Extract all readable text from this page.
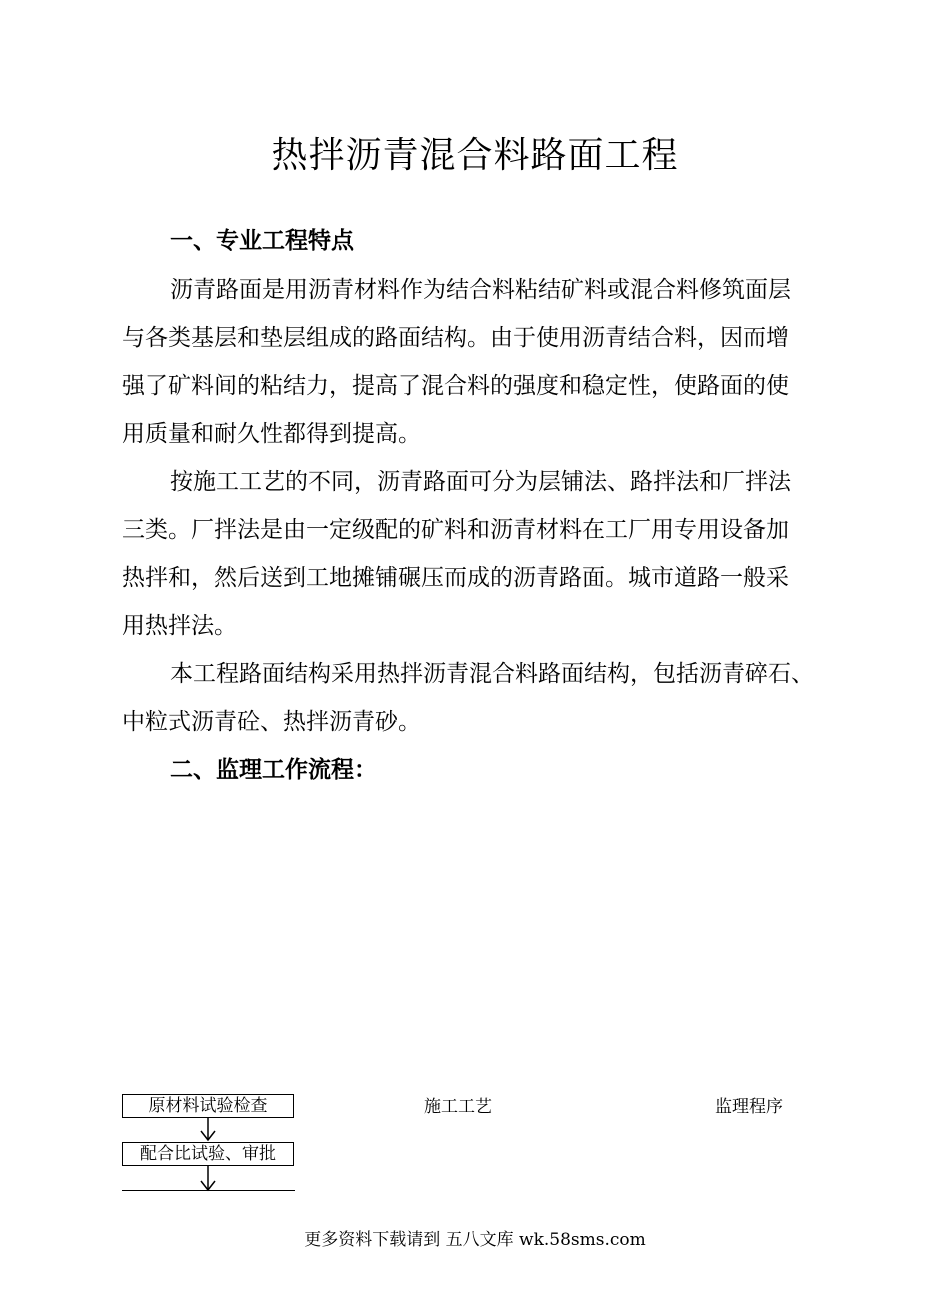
热拌沥青混合料路面工程
一、专业工程特点
沥青路面是用沥青材料作为结合料粘结矿料或混合料修筑面层
与各类基层和垫层组成的路面结构。由于使用沥青结合料，因而增
强了矿料间的粘结力，提高了混合料的强度和稳定性，使路面的使
用质量和耐久性都得到提高。
按施工工艺的不同，沥青路面可分为层铺法、路拌法和厂拌法
三类。厂拌法是由一定级配的矿料和沥青材料在工厂用专用设备加
热拌和，然后送到工地摊铺碾压而成的沥青路面。城市道路一般采
用热拌法。
本工程路面结构采用热拌沥青混合料路面结构，包括沥青碎石、
中粒式沥青砼、热拌沥青砂。
二、监理工作流程：
原材料试验检查
配合比试验、审批
施工工艺	监理程序
更多资料下载请到 五八文库 wk.58sms.com
